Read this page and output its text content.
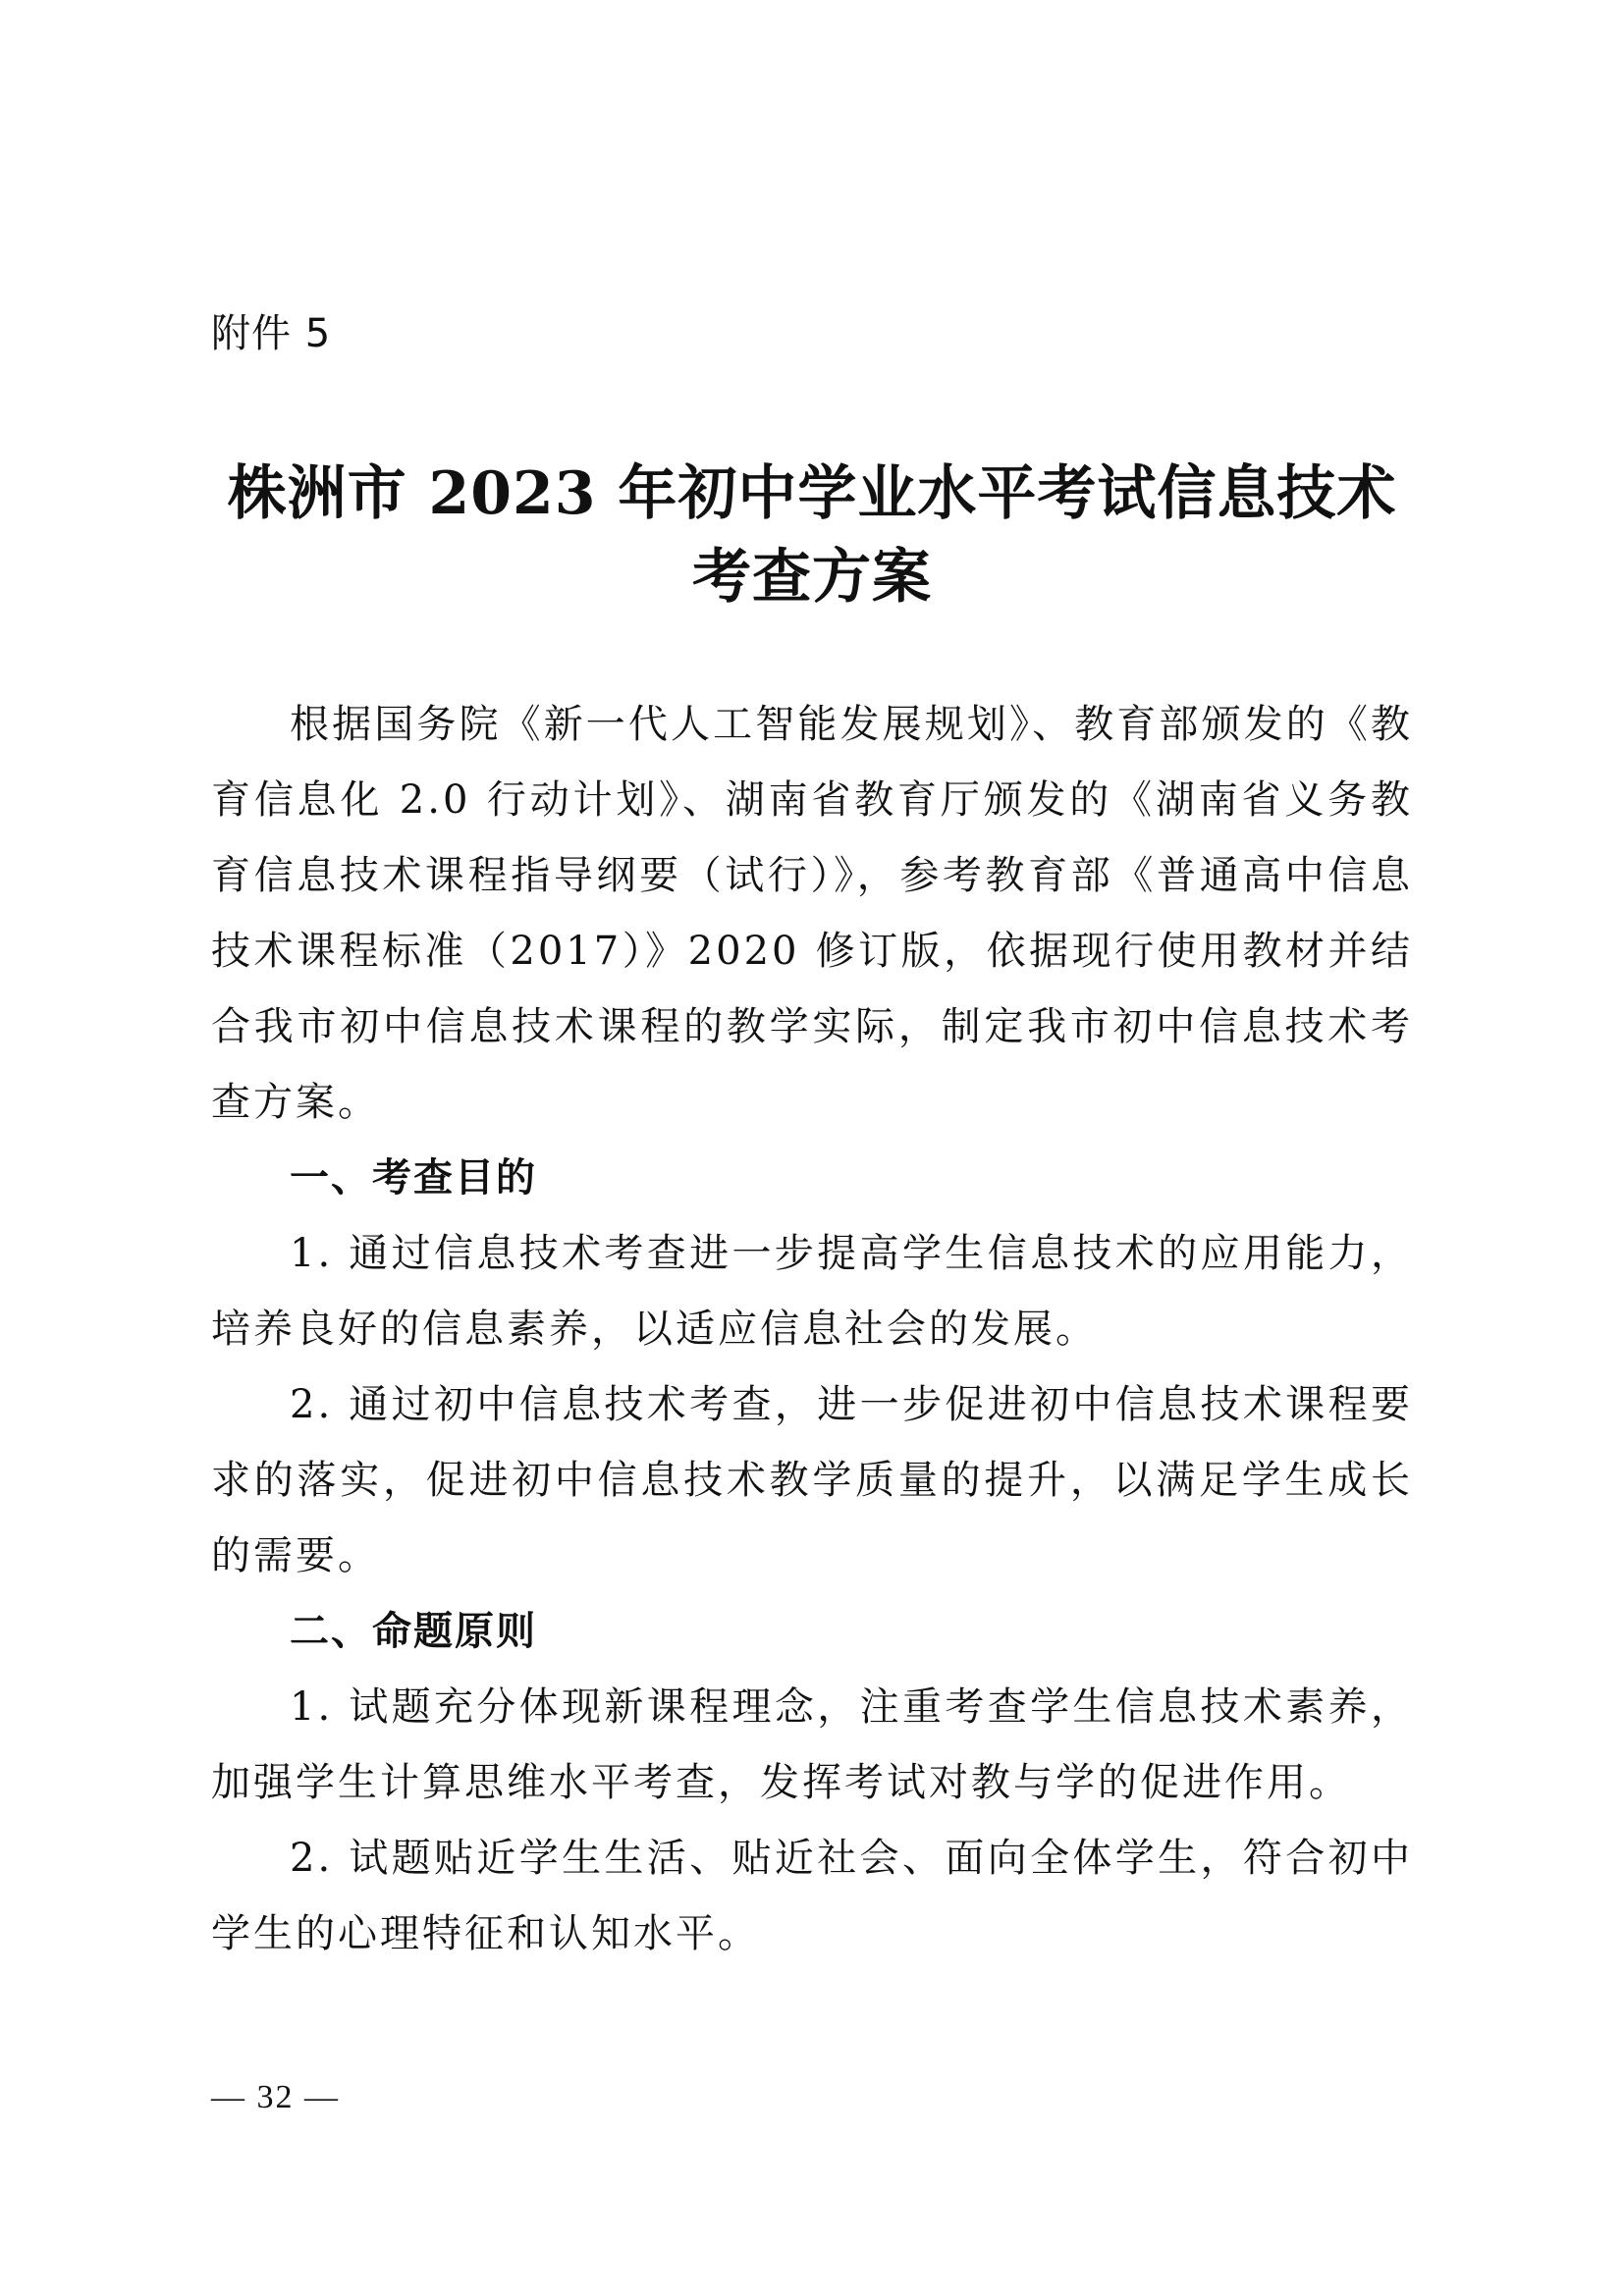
附件 5
株洲市 2023 年初中学业水平考试信息技术
考查方案

根据国务院《新一代人工智能发展规划》、教育部颁发的《教育信息化 2.0 行动计划》、湖南省教育厅颁发的《湖南省义务教育信息技术课程指导纲要（试行）》，参考教育部《普通高中信息技术课程标准（2017）》2020 修订版，依据现行使用教材并结合我市初中信息技术课程的教学实际，制定我市初中信息技术考查方案。

一、考查目的

1. 通过信息技术考查进一步提高学生信息技术的应用能力，培养良好的信息素养，以适应信息社会的发展。

2. 通过初中信息技术考查，进一步促进初中信息技术课程要求的落实，促进初中信息技术教学质量的提升，以满足学生成长的需要。

二、命题原则

1. 试题充分体现新课程理念，注重考查学生信息技术素养，加强学生计算思维水平考查，发挥考试对教与学的促进作用。

2. 试题贴近学生生活、贴近社会、面向全体学生，符合初中学生的心理特征和认知水平。

— 32 —
